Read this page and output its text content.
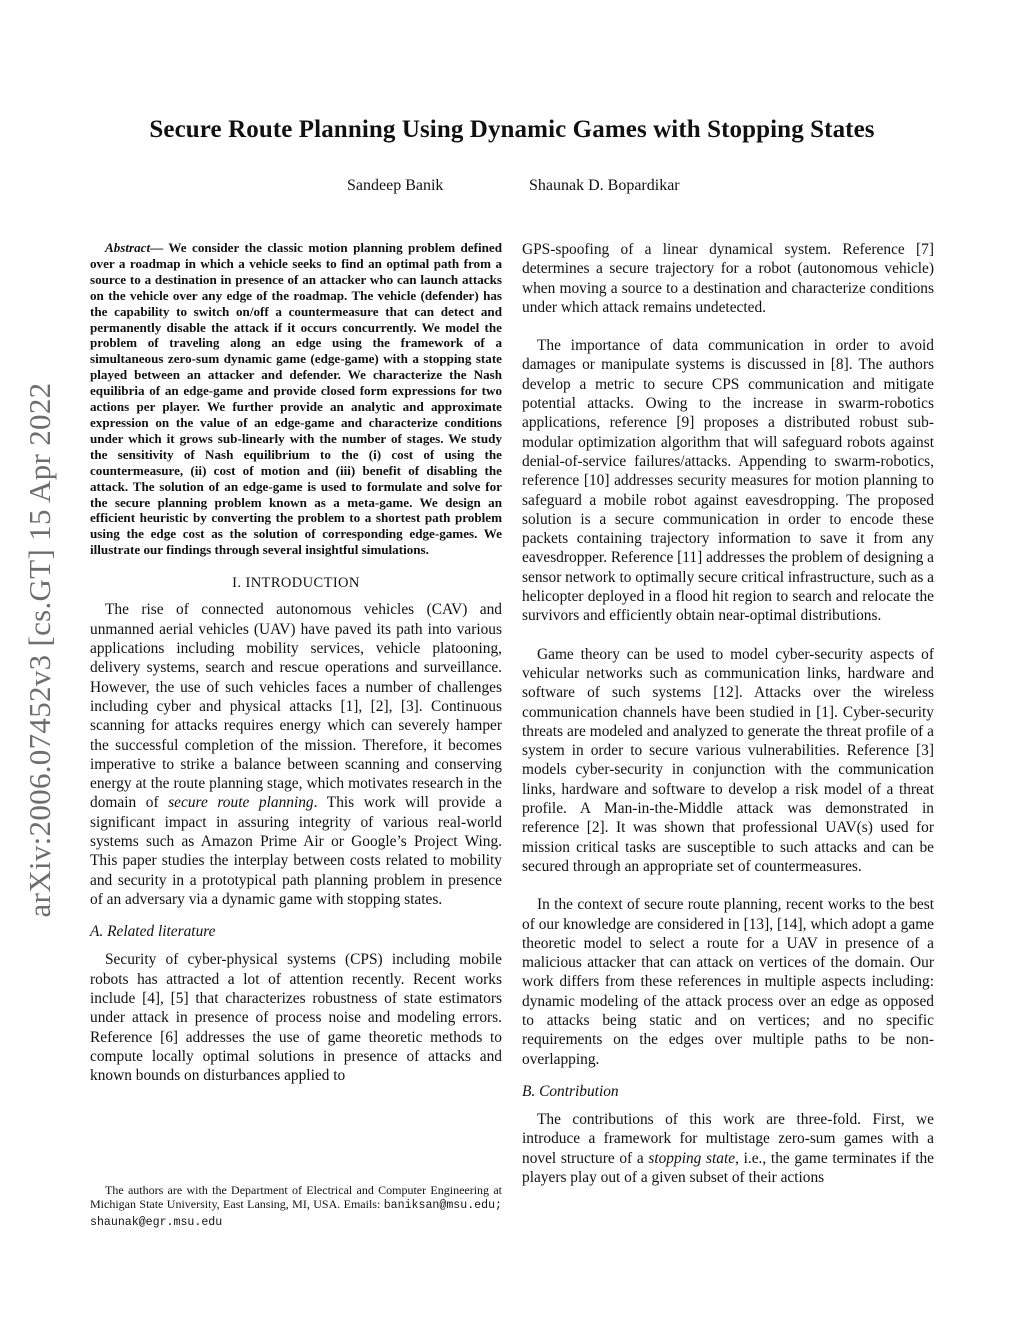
arXiv:2006.07452v3 [cs.GT] 15 Apr 2022
Secure Route Planning Using Dynamic Games with Stopping States
Sandeep Banik	Shaunak D. Bopardikar

Abstract— We consider the classic motion planning problem defined over a roadmap in which a vehicle seeks to find an optimal path from a source to a destination in presence of an attacker who can launch attacks on the vehicle over any edge of the roadmap. The vehicle (defender) has the capability to switch on/off a countermeasure that can detect and permanently disable the attack if it occurs concurrently. We model the problem of traveling along an edge using the framework of a simultaneous zero-sum dynamic game (edge-game) with a stopping state played between an attacker and defender. We characterize the Nash equilibria of an edge-game and provide closed form expressions for two actions per player. We further provide an analytic and approximate expression on the value of an edge-game and characterize conditions under which it grows sub-linearly with the number of stages. We study the sensitivity of Nash equilibrium to the (i) cost of using the countermeasure, (ii) cost of motion and (iii) benefit of disabling the attack. The solution of an edge-game is used to formulate and solve for the secure planning problem known as a meta-game. We design an efficient heuristic by converting the problem to a shortest path problem using the edge cost as the solution of corresponding edge-games. We illustrate our findings through several insightful simulations.

I. INTRODUCTION

The rise of connected autonomous vehicles (CAV) and unmanned aerial vehicles (UAV) have paved its path into various applications including mobility services, vehicle platooning, delivery systems, search and rescue operations and surveillance. However, the use of such vehicles faces a number of challenges including cyber and physical attacks [1], [2], [3]. Continuous scanning for attacks requires energy which can severely hamper the successful completion of the mission. Therefore, it becomes imperative to strike a balance between scanning and conserving energy at the route planning stage, which motivates research in the domain of secure route planning. This work will provide a significant impact in assuring integrity of various real-world systems such as Amazon Prime Air or Google’s Project Wing. This paper studies the interplay between costs related to mobility and security in a prototypical path planning problem in presence of an adversary via a dynamic game with stopping states.

A. Related literature

Security of cyber-physical systems (CPS) including mobile robots has attracted a lot of attention recently. Recent works include [4], [5] that characterizes robustness of state estimators under attack in presence of process noise and modeling errors. Reference [6] addresses the use of game theoretic methods to compute locally optimal solutions in presence of attacks and known bounds on disturbances applied to

GPS-spoofing of a linear dynamical system. Reference [7] determines a secure trajectory for a robot (autonomous vehicle) when moving a source to a destination and characterize conditions under which attack remains undetected.

The importance of data communication in order to avoid damages or manipulate systems is discussed in [8]. The authors develop a metric to secure CPS communication and mitigate potential attacks. Owing to the increase in swarm-robotics applications, reference [9] proposes a distributed robust sub-modular optimization algorithm that will safeguard robots against denial-of-service failures/attacks. Appending to swarm-robotics, reference [10] addresses security measures for motion planning to safeguard a mobile robot against eavesdropping. The proposed solution is a secure communication in order to encode these packets containing trajectory information to save it from any eavesdropper. Reference [11] addresses the problem of designing a sensor network to optimally secure critical infrastructure, such as a helicopter deployed in a flood hit region to search and relocate the survivors and efficiently obtain near-optimal distributions.

Game theory can be used to model cyber-security aspects of vehicular networks such as communication links, hardware and software of such systems [12]. Attacks over the wireless communication channels have been studied in [1]. Cyber-security threats are modeled and analyzed to generate the threat profile of a system in order to secure various vulnerabilities. Reference [3] models cyber-security in conjunction with the communication links, hardware and software to develop a risk model of a threat profile. A Man-in-the-Middle attack was demonstrated in reference [2]. It was shown that professional UAV(s) used for mission critical tasks are susceptible to such attacks and can be secured through an appropriate set of countermeasures.

In the context of secure route planning, recent works to the best of our knowledge are considered in [13], [14], which adopt a game theoretic model to select a route for a UAV in presence of a malicious attacker that can attack on vertices of the domain. Our work differs from these references in multiple aspects including: dynamic modeling of the attack process over an edge as opposed to attacks being static and on vertices; and no specific requirements on the edges over multiple paths to be non-overlapping.

B. Contribution

The contributions of this work are three-fold. First, we introduce a framework for multistage zero-sum games with a novel structure of a stopping state, i.e., the game terminates if the players play out of a given subset of their actions

The authors are with the Department of Electrical and Computer Engineering at Michigan State University, East Lansing, MI, USA. Emails: baniksan@msu.edu; shaunak@egr.msu.edu
